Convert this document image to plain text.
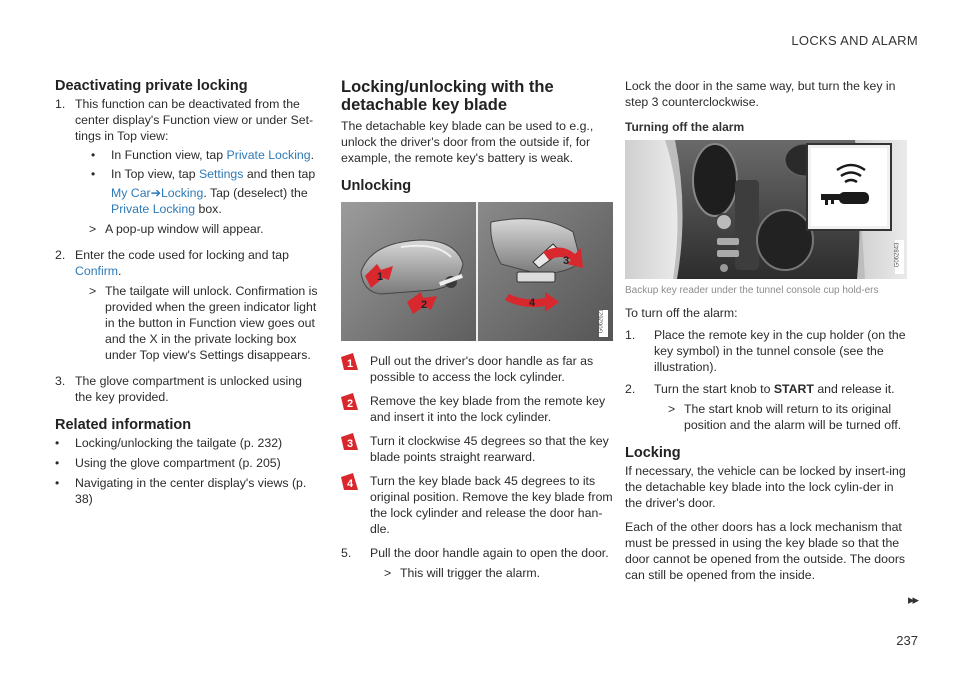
LOCKS AND ALARM
Deactivating private locking
1. This function can be deactivated from the center display's Function view or under Set-tings in Top view:

•	In Function view, tap Private Locking.
•	In Top view, tap Settings and then tap
My Car➔Locking. Tap (deselect) the
Private Locking box.
> A pop-up window will appear.
2. Enter the code used for locking and tap
Confirm.

> The tailgate will unlock. Confirmation is provided when the green indicator light in the button in Function view goes out and the X in the private locking box under Top view's Settings disappears.
3. The glove compartment is unlocked using the key provided.

Related information
•	Locking/unlocking the tailgate (p. 232)
•	Using the glove compartment (p. 205)
•	Navigating in the center display's views (p. 38)
Locking/unlocking with the detachable key blade

The detachable key blade can be used to e.g., unlock the driver's door from the outside if, for example, the remote key's battery is weak.

Unlocking
1
2
3
4
G062621
1 Pull out the driver's door handle as far as possible to access the lock cylinder.
2 Remove the key blade from the remote key and insert it into the lock cylinder.
3 Turn it clockwise 45 degrees so that the key blade points straight rearward.
4 Turn the key blade back 45 degrees to its original position. Remove the key blade from the lock cylinder and release the door han-dle.
5.	Pull the door handle again to open the door.

> This will trigger the alarm.

Lock the door in the same way, but turn the key in step 3 counterclockwise.

Turning off the alarm
G062843
Backup key reader under the tunnel console cup hold-ers

To turn off the alarm:

1.	Place the remote key in the cup holder (on the key symbol) in the tunnel console (see the illustration).

2.	Turn the start knob to START and release it.

> The start knob will return to its original position and the alarm will be turned off.
Locking

If necessary, the vehicle can be locked by insert-ing the detachable key blade into the lock cylin-der in the driver's door.

Each of the other doors has a lock mechanism that must be pressed in using the key blade so that the door cannot be opened from the outside. The doors can still be opened from the inside.

▸▸
237
